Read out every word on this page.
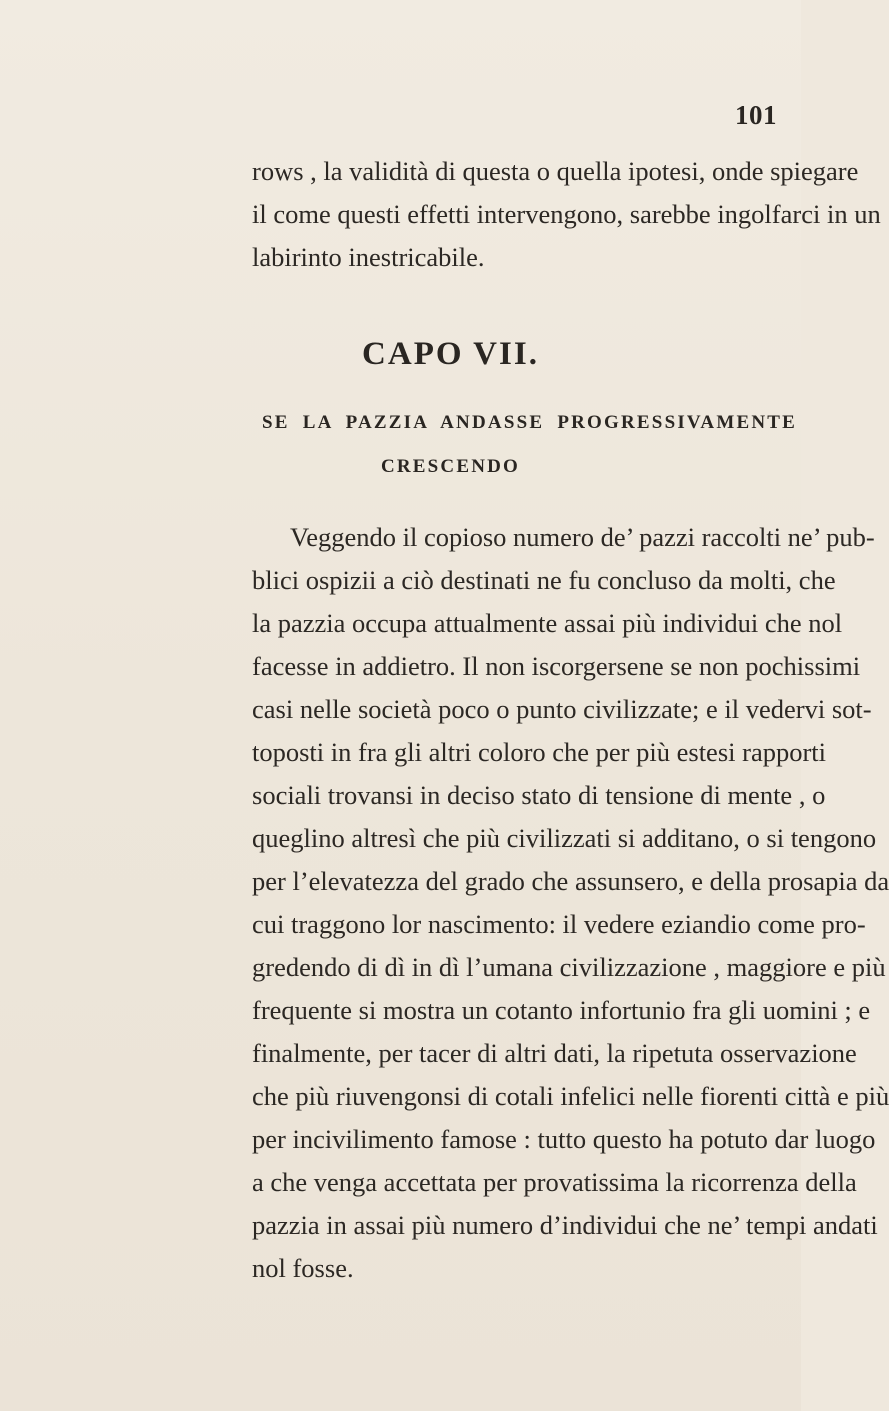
101
rows , la validità di questa o quella ipotesi, onde spiegare
il come questi effetti intervengono, sarebbe ingolfarci in un
labirinto inestricabile.
CAPO VII.
SE LA PAZZIA ANDASSE PROGRESSIVAMENTE
CRESCENDO
Veggendo il copioso numero de’ pazzi raccolti ne’ pub-
blici ospizii a ciò destinati ne fu concluso da molti, che
la pazzia occupa attualmente assai più individui che nol
facesse in addietro. Il non iscorgersene se non pochissimi
casi nelle società poco o punto civilizzate; e il vedervi sot-
toposti in fra gli altri coloro che per più estesi rapporti
sociali trovansi in deciso stato di tensione di mente , o
queglino altresì che più civilizzati si additano, o si tengono
per l’elevatezza del grado che assunsero, e della prosapia da
cui traggono lor nascimento: il vedere eziandio come pro-
gredendo di dì in dì l’umana civilizzazione , maggiore e più
frequente si mostra un cotanto infortunio fra gli uomini ; e
finalmente, per tacer di altri dati, la ripetuta osservazione
che più riuvengonsi di cotali infelici nelle fiorenti città e più
per incivilimento famose : tutto questo ha potuto dar luogo
a che venga accettata per provatissima la ricorrenza della
pazzia in assai più numero d’individui che ne’ tempi andati
nol fosse.
